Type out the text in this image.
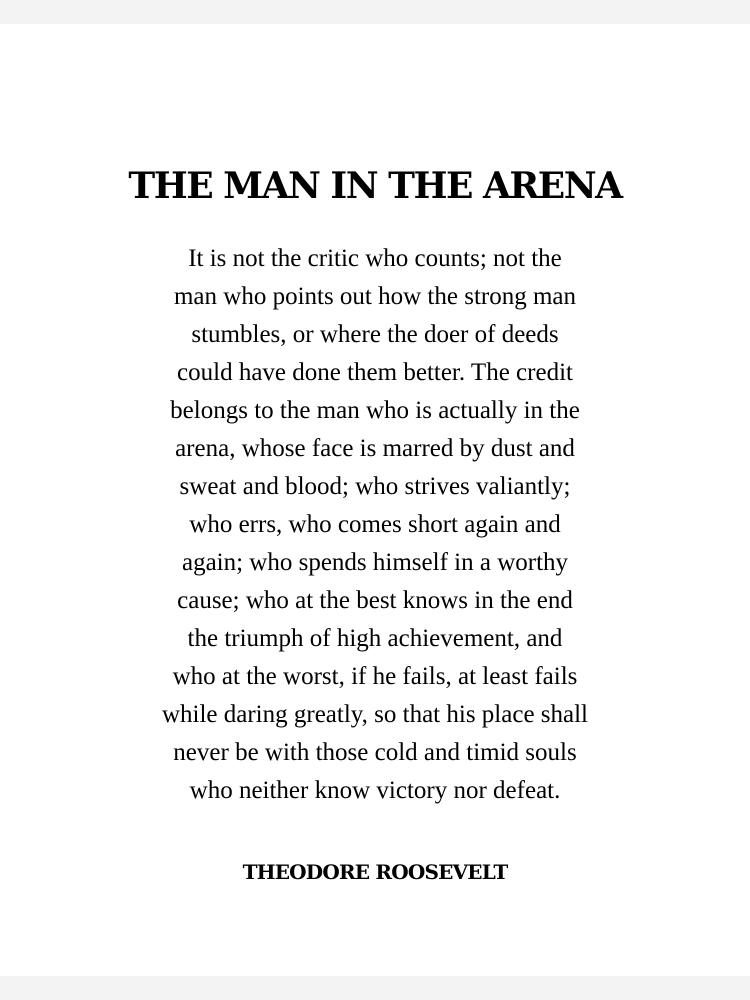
THE MAN IN THE ARENA
It is not the critic who counts; not the
man who points out how the strong man
stumbles, or where the doer of deeds
could have done them better. The credit
belongs to the man who is actually in the
arena, whose face is marred by dust and
sweat and blood; who strives valiantly;
who errs, who comes short again and
again; who spends himself in a worthy
cause; who at the best knows in the end
the triumph of high achievement, and
who at the worst, if he fails, at least fails
while daring greatly, so that his place shall
never be with those cold and timid souls
who neither know victory nor defeat.
THEODORE ROOSEVELT
